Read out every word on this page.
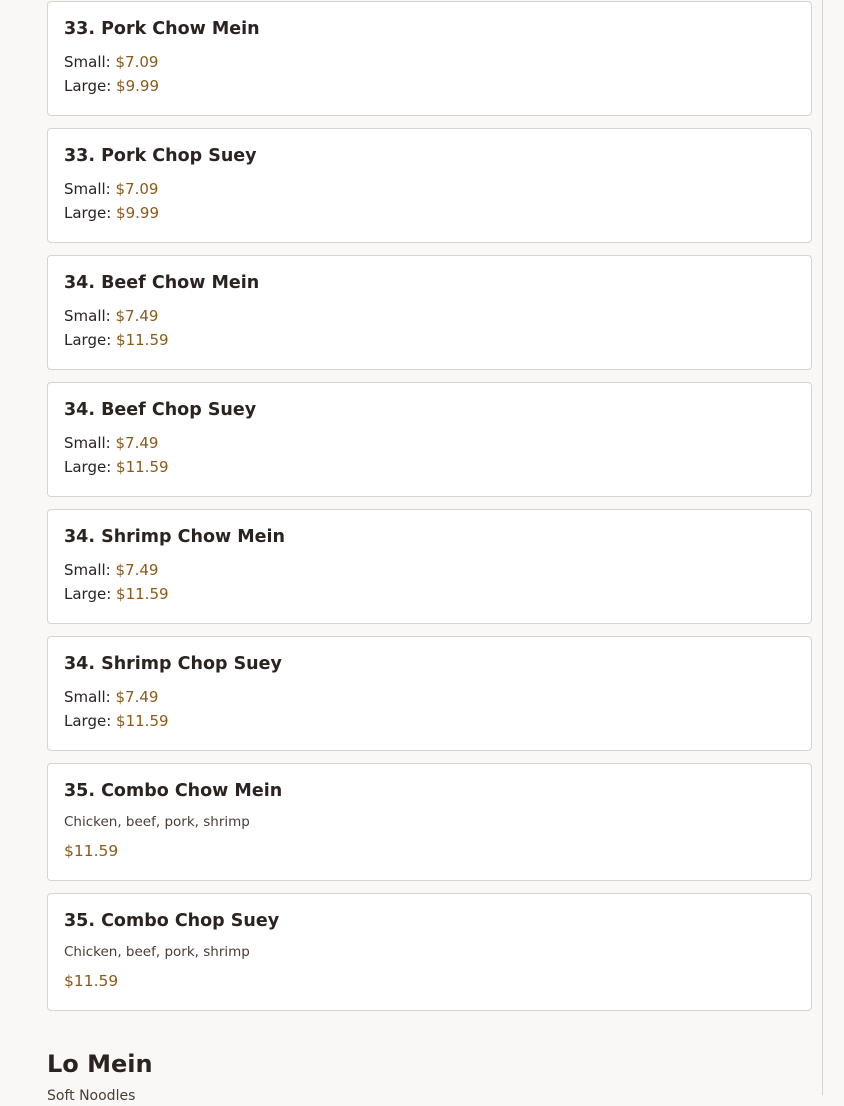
33. Pork Chow Mein
Small: $7.09
Large: $9.99
33. Pork Chop Suey
Small: $7.09
Large: $9.99
34. Beef Chow Mein
Small: $7.49
Large: $11.59
34. Beef Chop Suey
Small: $7.49
Large: $11.59
34. Shrimp Chow Mein
Small: $7.49
Large: $11.59
34. Shrimp Chop Suey
Small: $7.49
Large: $11.59
35. Combo Chow Mein
Chicken, beef, pork, shrimp
$11.59
35. Combo Chop Suey
Chicken, beef, pork, shrimp
$11.59
Lo Mein
Soft Noodles
